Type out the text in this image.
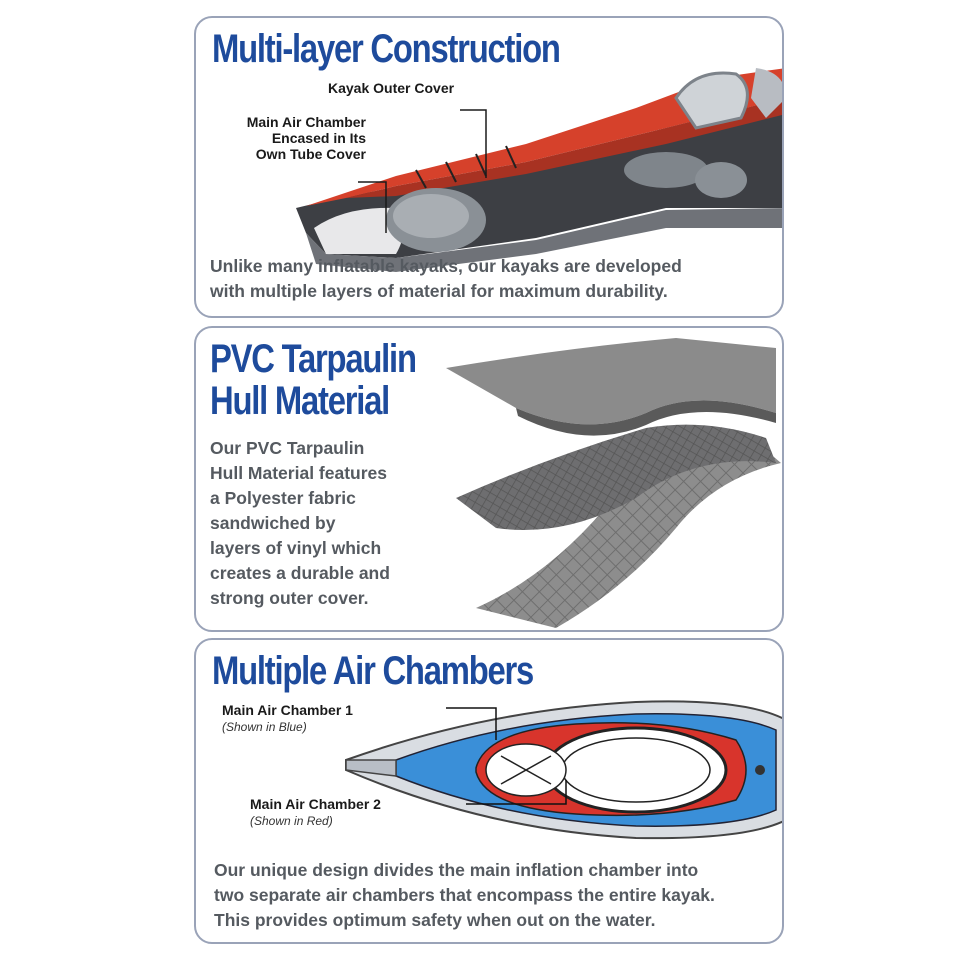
Multi-layer Construction
Kayak Outer Cover
Main Air Chamber
Encased in Its
Own Tube Cover
Unlike many inflatable kayaks, our kayaks are developed
with multiple layers of material for maximum durability.
PVC Tarpaulin
Hull Material
Our PVC Tarpaulin
Hull Material features
a Polyester fabric
sandwiched by
layers of vinyl which
creates a durable and
strong outer cover.
Multiple Air Chambers
Main Air Chamber 1
(Shown in Blue)
Main Air Chamber 2
(Shown in Red)
Our unique design divides the main inflation chamber into
two separate air chambers that encompass the entire kayak.
This provides optimum safety when out on the water.
